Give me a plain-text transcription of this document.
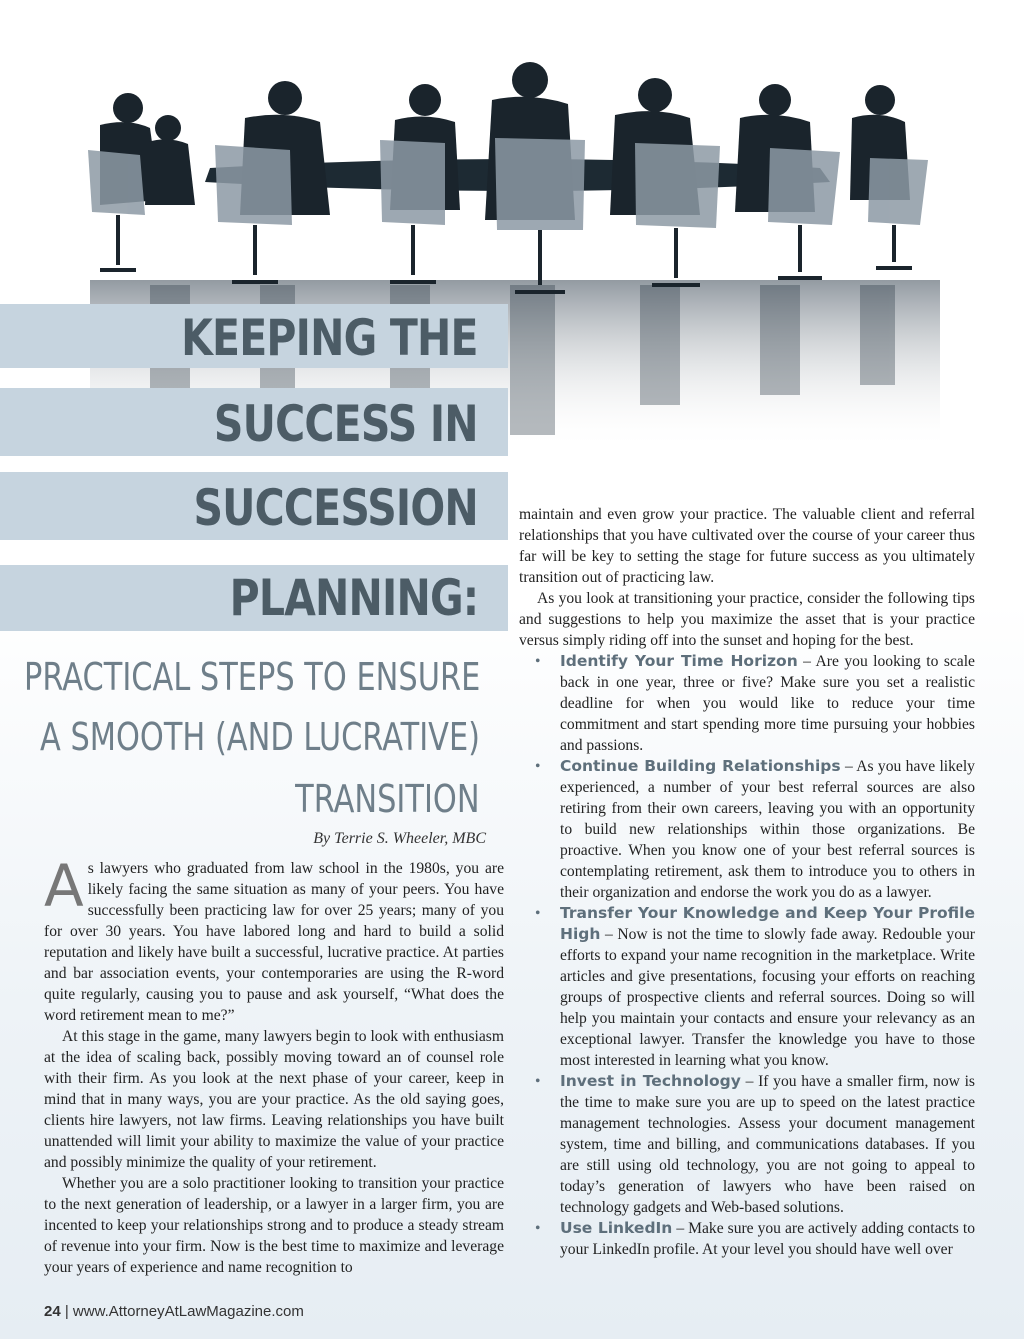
KEEPING THE
SUCCESS IN
SUCCESSION
PLANNING:
PRACTICAL STEPS TO ENSURE
A SMOOTH (AND LUCRATIVE)
TRANSITION

By Terrie S. Wheeler, MBC

As lawyers who graduated from law school in the 1980s, you are likely facing the same situation as many of your peers. You have successfully been practicing law for over 25 years; many of you for over 30 years. You have labored long and hard to build a solid reputation and likely have built a successful, lucrative practice. At parties and bar association events, your contemporaries are using the R-word quite regularly, causing you to pause and ask yourself, “What does the word retirement mean to me?”

At this stage in the game, many lawyers begin to look with enthusiasm at the idea of scaling back, possibly moving toward an of counsel role with their firm. As you look at the next phase of your career, keep in mind that in many ways, you are your practice. As the old saying goes, clients hire lawyers, not law firms. Leaving relationships you have built unattended will limit your ability to maximize the value of your practice and possibly minimize the quality of your retirement.

Whether you are a solo practitioner looking to transition your practice to the next generation of leadership, or a lawyer in a larger firm, you are incented to keep your relationships strong and to produce a steady stream of revenue into your firm. Now is the best time to maximize and leverage your years of experience and name recognition to

maintain and even grow your practice. The valuable client and referral relationships that you have cultivated over the course of your career thus far will be key to setting the stage for future success as you ultimately transition out of practicing law.

As you look at transitioning your practice, consider the following tips and suggestions to help you maximize the asset that is your practice versus simply riding off into the sunset and hoping for the best.

• Identify Your Time Horizon – Are you looking to scale back in one year, three or five? Make sure you set a realistic deadline for when you would like to reduce your time commitment and start spending more time pursuing your hobbies and passions.
• Continue Building Relationships – As you have likely experienced, a number of your best referral sources are also retiring from their own careers, leaving you with an opportunity to build new relationships within those organizations. Be proactive. When you know one of your best referral sources is contemplating retirement, ask them to introduce you to others in their organization and endorse the work you do as a lawyer.
• Transfer Your Knowledge and Keep Your Profile High – Now is not the time to slowly fade away. Redouble your efforts to expand your name recognition in the marketplace. Write articles and give presentations, focusing your efforts on reaching groups of prospective clients and referral sources. Doing so will help you maintain your contacts and ensure your relevancy as an exceptional lawyer. Transfer the knowledge you have to those most interested in learning what you know.
• Invest in Technology – If you have a smaller firm, now is the time to make sure you are up to speed on the latest practice management technologies. Assess your document management system, time and billing, and communications databases. If you are still using old technology, you are not going to appeal to today’s generation of lawyers who have been raised on technology gadgets and Web-based solutions.
• Use LinkedIn – Make sure you are actively adding contacts to your LinkedIn profile. At your level you should have well over

24 | www.AttorneyAtLawMagazine.com
